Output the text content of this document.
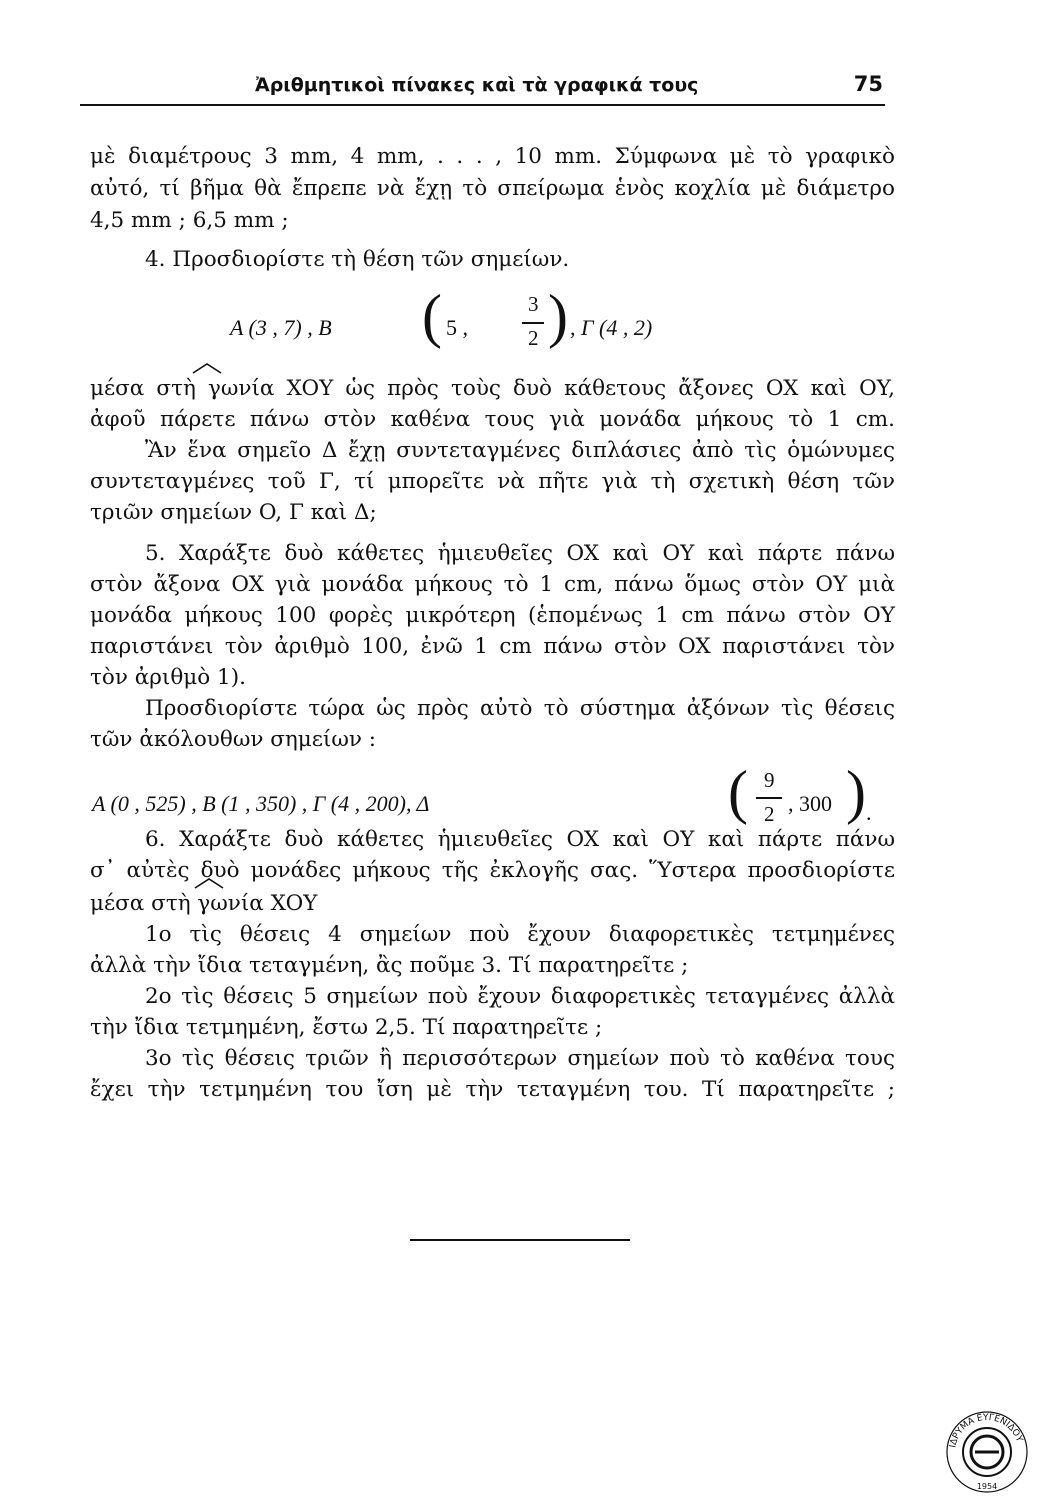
Ἀριθμητικοὶ πίνακες καὶ τὰ γραφικά τους	75
μὲ διαμέτρους 3 mm, 4 mm, . . . , 10 mm. Σύμφωνα μὲ τὸ γραφικὸ
αὐτό, τί βῆμα θὰ ἔπρεπε νὰ ἔχῃ τὸ σπείρωμα ἑνὸς κοχλία μὲ διάμετρο
4,5 mm ; 6,5 mm ;
4. Προσδιορίστε τὴ θέση τῶν σημείων.
A (3 , 7) , B ( 5 ,
3
2 ) , Γ (4 , 2)
μέσα στὴ γωνία XOY ὡς πρὸς τοὺς δυὸ κάθετους ἄξονες OX καὶ OY,
ἀφοῦ πάρετε πάνω στὸν καθένα τους γιὰ μονάδα μήκους τὸ 1 cm.
Ἂν ἕνα σημεῖο Δ ἔχῃ συντεταγμένες διπλάσιες ἀπὸ τὶς ὁμώνυμες
συντεταγμένες τοῦ Γ, τί μπορεῖτε νὰ πῆτε γιὰ τὴ σχετικὴ θέση τῶν
τριῶν σημείων O, Γ καὶ Δ;
5. Χαράξτε δυὸ κάθετες ἡμιευθεῖες OX καὶ OY καὶ πάρτε πάνω
στὸν ἄξονα OX γιὰ μονάδα μήκους τὸ 1 cm, πάνω ὅμως στὸν OY μιὰ
μονάδα μήκους 100 φορὲς μικρότερη (ἑπομένως 1 cm πάνω στὸν OY
παριστάνει τὸν ἀριθμὸ 100, ἐνῶ 1 cm πάνω στὸν OX παριστάνει τὸν
τὸν ἀριθμὸ 1).
Προσδιορίστε τώρα ὡς πρὸς αὐτὸ τὸ σύστημα ἀξόνων τὶς θέσεις
τῶν ἀκόλουθων σημείων :
A (0 , 525) , B (1 , 350) , Γ (4 , 200), Δ	( 9
2 , 300 ) .
6. Χαράξτε δυὸ κάθετες ἡμιευθεῖες OX καὶ OY καὶ πάρτε πάνω
σ᾽ αὐτὲς δυὸ μονάδες μήκους τῆς ἐκλογῆς σας. Ὕστερα προσδιορίστε
μέσα στὴ γωνία XOY
1ο τὶς θέσεις 4 σημείων ποὺ ἔχουν διαφορετικὲς τετμημένες
ἀλλὰ τὴν ἴδια τεταγμένη, ἂς ποῦμε 3. Τί παρατηρεῖτε ;
2ο τὶς θέσεις 5 σημείων ποὺ ἔχουν διαφορετικὲς τεταγμένες ἀλλὰ
τὴν ἴδια τετμημένη, ἔστω 2,5. Τί παρατηρεῖτε ;
3ο τὶς θέσεις τριῶν ἢ περισσότερων σημείων ποὺ τὸ καθένα τους
ἔχει τὴν τετμημένη του ἴση μὲ τὴν τεταγμένη του. Τί παρατηρεῖτε ;
ΙΔΡΥΜΑ ΕΥΓΕΝΙΔΟΥ
1954
